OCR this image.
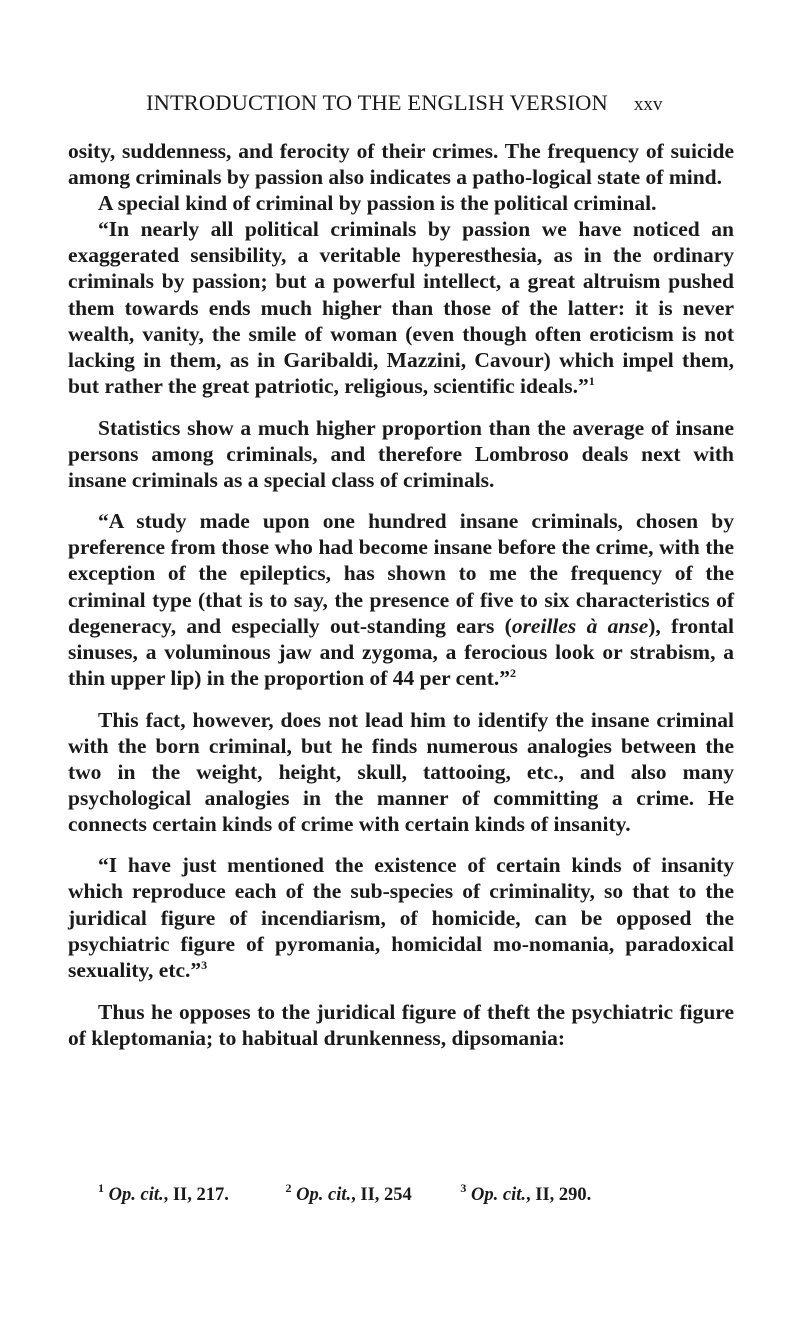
INTRODUCTION TO THE ENGLISH VERSION xxv

osity, suddenness, and ferocity of their crimes. The frequency of suicide among criminals by passion also indicates a patho-logical state of mind.

A special kind of criminal by passion is the political criminal.

“In nearly all political criminals by passion we have noticed an exaggerated sensibility, a veritable hyperesthesia, as in the ordinary criminals by passion; but a powerful intellect, a great altruism pushed them towards ends much higher than those of the latter: it is never wealth, vanity, the smile of woman (even though often eroticism is not lacking in them, as in Garibaldi, Mazzini, Cavour) which impel them, but rather the great patriotic, religious, scientific ideals.”$^1$

Statistics show a much higher proportion than the average of insane persons among criminals, and therefore Lombroso deals next with insane criminals as a special class of criminals.

“A study made upon one hundred insane criminals, chosen by preference from those who had become insane before the crime, with the exception of the epileptics, has shown to me the frequency of the criminal type (that is to say, the presence of five to six characteristics of degeneracy, and especially out-standing ears (oreilles à anse), frontal sinuses, a voluminous jaw and zygoma, a ferocious look or strabism, a thin upper lip) in the proportion of 44 per cent.”$^2$

This fact, however, does not lead him to identify the insane criminal with the born criminal, but he finds numerous analogies between the two in the weight, height, skull, tattooing, etc., and also many psychological analogies in the manner of committing a crime. He connects certain kinds of crime with certain kinds of insanity.

“I have just mentioned the existence of certain kinds of insanity which reproduce each of the sub-species of criminality, so that to the juridical figure of incendiarism, of homicide, can be opposed the psychiatric figure of pyromania, homicidal mo-nomania, paradoxical sexuality, etc.”$^3$

Thus he opposes to the juridical figure of theft the psychiatric figure of kleptomania; to habitual drunkenness, dipsomania:

$^1$ Op. cit., II, 217.	$^2$ Op. cit., II, 254	$^3$ Op. cit., II, 290.
